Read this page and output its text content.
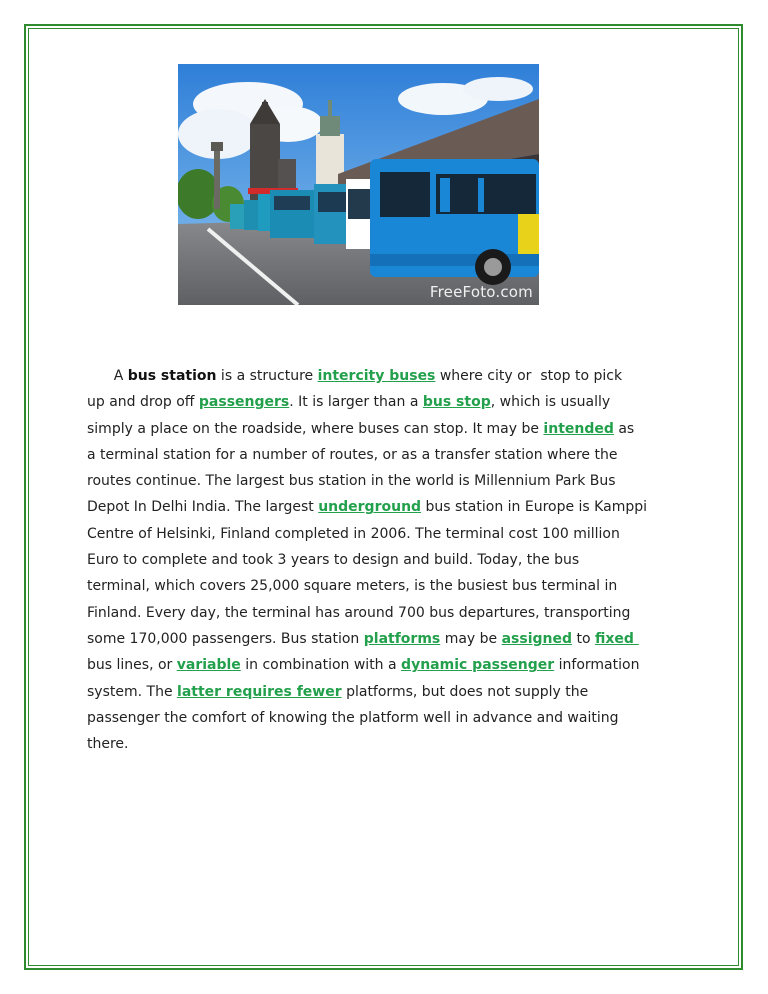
FreeFoto.com
A bus station is a structure intercity buses where city or  stop to pick
up and drop off passengers. It is larger than a bus stop, which is usually
simply a place on the roadside, where buses can stop. It may be intended as
a terminal station for a number of routes, or as a transfer station where the
routes continue. The largest bus station in the world is Millennium Park Bus
Depot In Delhi India. The largest underground bus station in Europe is Kamppi
Centre of Helsinki, Finland completed in 2006. The terminal cost 100 million
Euro to complete and took 3 years to design and build. Today, the bus
terminal, which covers 25,000 square meters, is the busiest bus terminal in
Finland. Every day, the terminal has around 700 bus departures, transporting
some 170,000 passengers. Bus station platforms may be assigned to fixed
bus lines, or variable in combination with a dynamic passenger information
system. The latter requires fewer platforms, but does not supply the
passenger the comfort of knowing the platform well in advance and waiting
there.
